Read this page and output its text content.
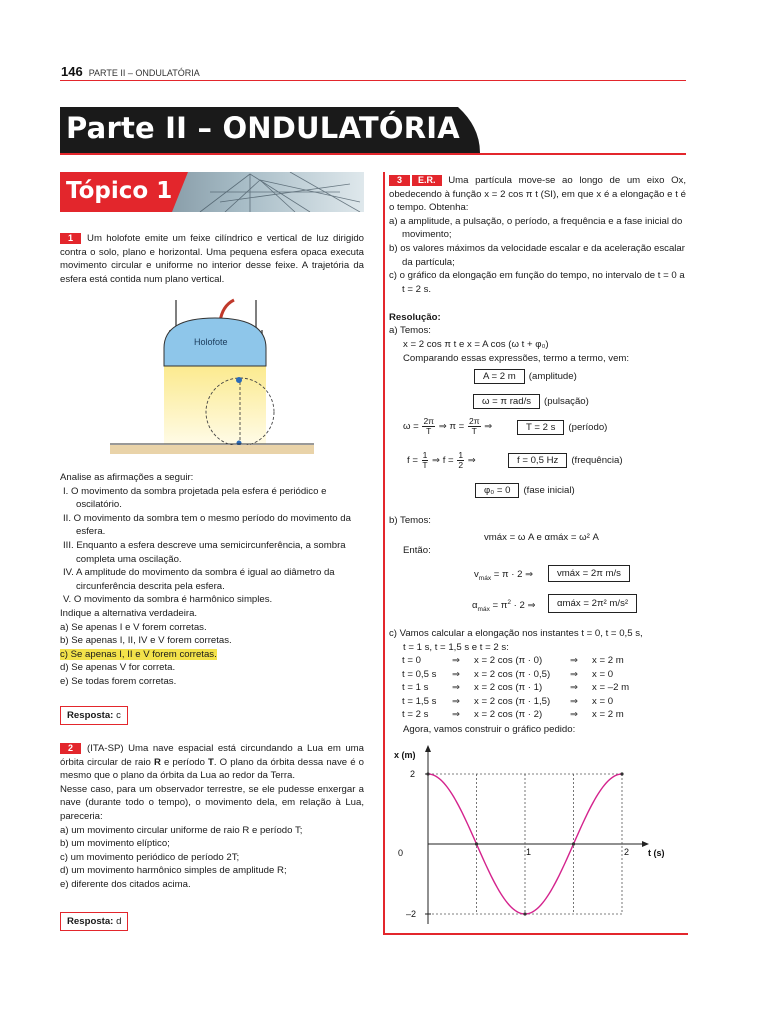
146 PARTE II – ONDULATÓRIA
Parte II – ONDULATÓRIA
Tópico 1
1 Um holofote emite um feixe cilíndrico e vertical de luz dirigido contra o solo, plano e horizontal. Uma pequena esfera opaca executa movimento circular e uniforme no interior desse feixe. A trajetória da esfera está contida num plano vertical.
Holofote
Analise as afirmações a seguir:
I. O movimento da sombra projetada pela esfera é periódico e oscilatório.
II. O movimento da sombra tem o mesmo período do movimento da esfera.
III. Enquanto a esfera descreve uma semicircunferência, a sombra completa uma oscilação.
IV. A amplitude do movimento da sombra é igual ao diâmetro da circunferência descrita pela esfera.
V. O movimento da sombra é harmônico simples.
Indique a alternativa verdadeira.
a) Se apenas I e V forem corretas.
b) Se apenas I, II, IV e V forem corretas.
c) Se apenas I, II e V forem corretas.
d) Se apenas V for correta.
e) Se todas forem corretas.
Resposta: c
2 (ITA-SP) Uma nave espacial está circundando a Lua em uma órbita circular de raio R e período T. O plano da órbita dessa nave é o mesmo que o plano da órbita da Lua ao redor da Terra.
Nesse caso, para um observador terrestre, se ele pudesse enxergar a nave (durante todo o tempo), o movimento dela, em relação à Lua, pareceria:
a) um movimento circular uniforme de raio R e período T;
b) um movimento elíptico;
c) um movimento periódico de período 2T;
d) um movimento harmônico simples de amplitude R;
e) diferente dos citados acima.
Resposta: d
3 E.R. Uma partícula move-se ao longo de um eixo Ox, obedecendo à função x = 2 cos π t (SI), em que x é a elongação e t é o tempo. Obtenha:
a) a amplitude, a pulsação, o período, a frequência e a fase inicial do movimento;
b) os valores máximos da velocidade escalar e da aceleração escalar da partícula;
c) o gráfico da elongação em função do tempo, no intervalo de t = 0 a t = 2 s.
Resolução:
a) Temos:
x = 2 cos π t e x = A cos (ω t + φ₀)
Comparando essas expressões, termo a termo, vem:
A = 2 m (amplitude)
ω = π rad/s (pulsação)
$\omega = \frac{2\pi}{T}$ ⇒ $\pi = \frac{2\pi}{T}$ ⇒	T = 2 s (período)
$f = \frac{1}{T}$ ⇒ $f = \frac{1}{2}$ ⇒	f = 0,5 Hz (frequência)
φ₀ = 0 (fase inicial)
b) Temos:
vmáx = ω A e αmáx = ω² A
Então:
$v_{máx} = \pi \cdot 2$ ⇒	vmáx = 2π m/s
$\alpha_{máx} = \pi^2 \cdot 2$ ⇒	αmáx = 2π² m/s²
c) Vamos calcular a elongação nos instantes t = 0, t = 0,5 s,
t = 1 s, t = 1,5 s e t = 2 s:
t = 0	⇒	x = 2 cos (π · 0)	⇒	x = 2 m
t = 0,5 s	⇒	x = 2 cos (π · 0,5)	⇒	x = 0
t = 1 s	⇒	x = 2 cos (π · 1)	⇒	x = –2 m
t = 1,5 s	⇒	x = 2 cos (π · 1,5)	⇒	x = 0
t = 2 s	⇒	x = 2 cos (π · 2)	⇒	x = 2 m
Agora, vamos construir o gráfico pedido:
x (m)
t (s)
2
–2
0	1	2
